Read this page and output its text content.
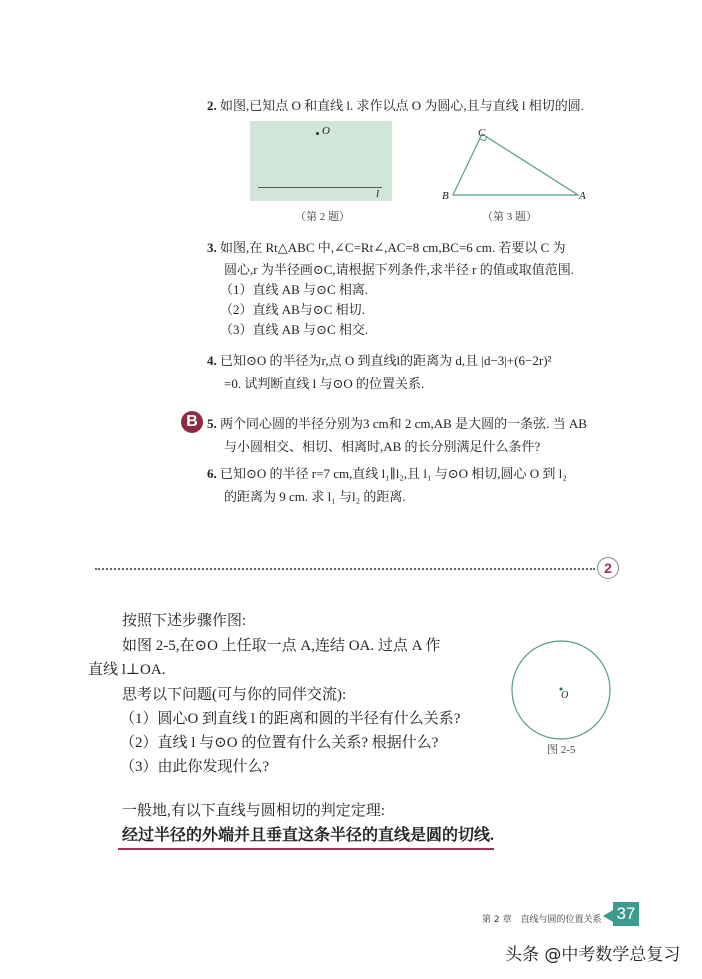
2. 如图,已知点 O 和直线 l. 求作以点 O 为圆心,且与直线 l 相切的圆.
O
l
（第 2 题）
C
B	A
（第 3 题）
3. 如图,在 Rt△ABC 中,∠C=Rt∠,AC=8 cm,BC=6 cm. 若要以 C 为
圆心,r 为半径画⊙C,请根据下列条件,求半径 r 的值或取值范围.
（1）直线 AB 与⊙C 相离.
（2）直线 AB与⊙C 相切.
（3）直线 AB 与⊙C 相交.
4. 已知⊙O 的半径为r,点 O 到直线l的距离为 d,且 |d−3|+(6−2r)²
=0. 试判断直线 l 与⊙O 的位置关系.
B 5. 两个同心圆的半径分别为3 cm和 2 cm,AB 是大圆的一条弦. 当 AB
与小圆相交、相切、相离时,AB 的长分别满足什么条件?
6. 已知⊙O 的半径 r=7 cm,直线 l₁∥l₂,且 l₁ 与⊙O 相切,圆心 O 到 l₂
的距离为 9 cm. 求 l₁ 与l₂ 的距离.
2
按照下述步骤作图:
如图 2-5,在⊙O 上任取一点 A,连结 OA. 过点 A 作
直线 l⊥OA.
思考以下问题(可与你的同伴交流):
（1）圆心O 到直线 l 的距离和圆的半径有什么关系?
（2）直线 l 与⊙O 的位置有什么关系? 根据什么?
（3）由此你发现什么?
一般地,有以下直线与圆相切的判定定理:
经过半径的外端并且垂直这条半径的直线是圆的切线.
O
图 2-5
第 2 章　直线与圆的位置关系 37
头条 @中考数学总复习
